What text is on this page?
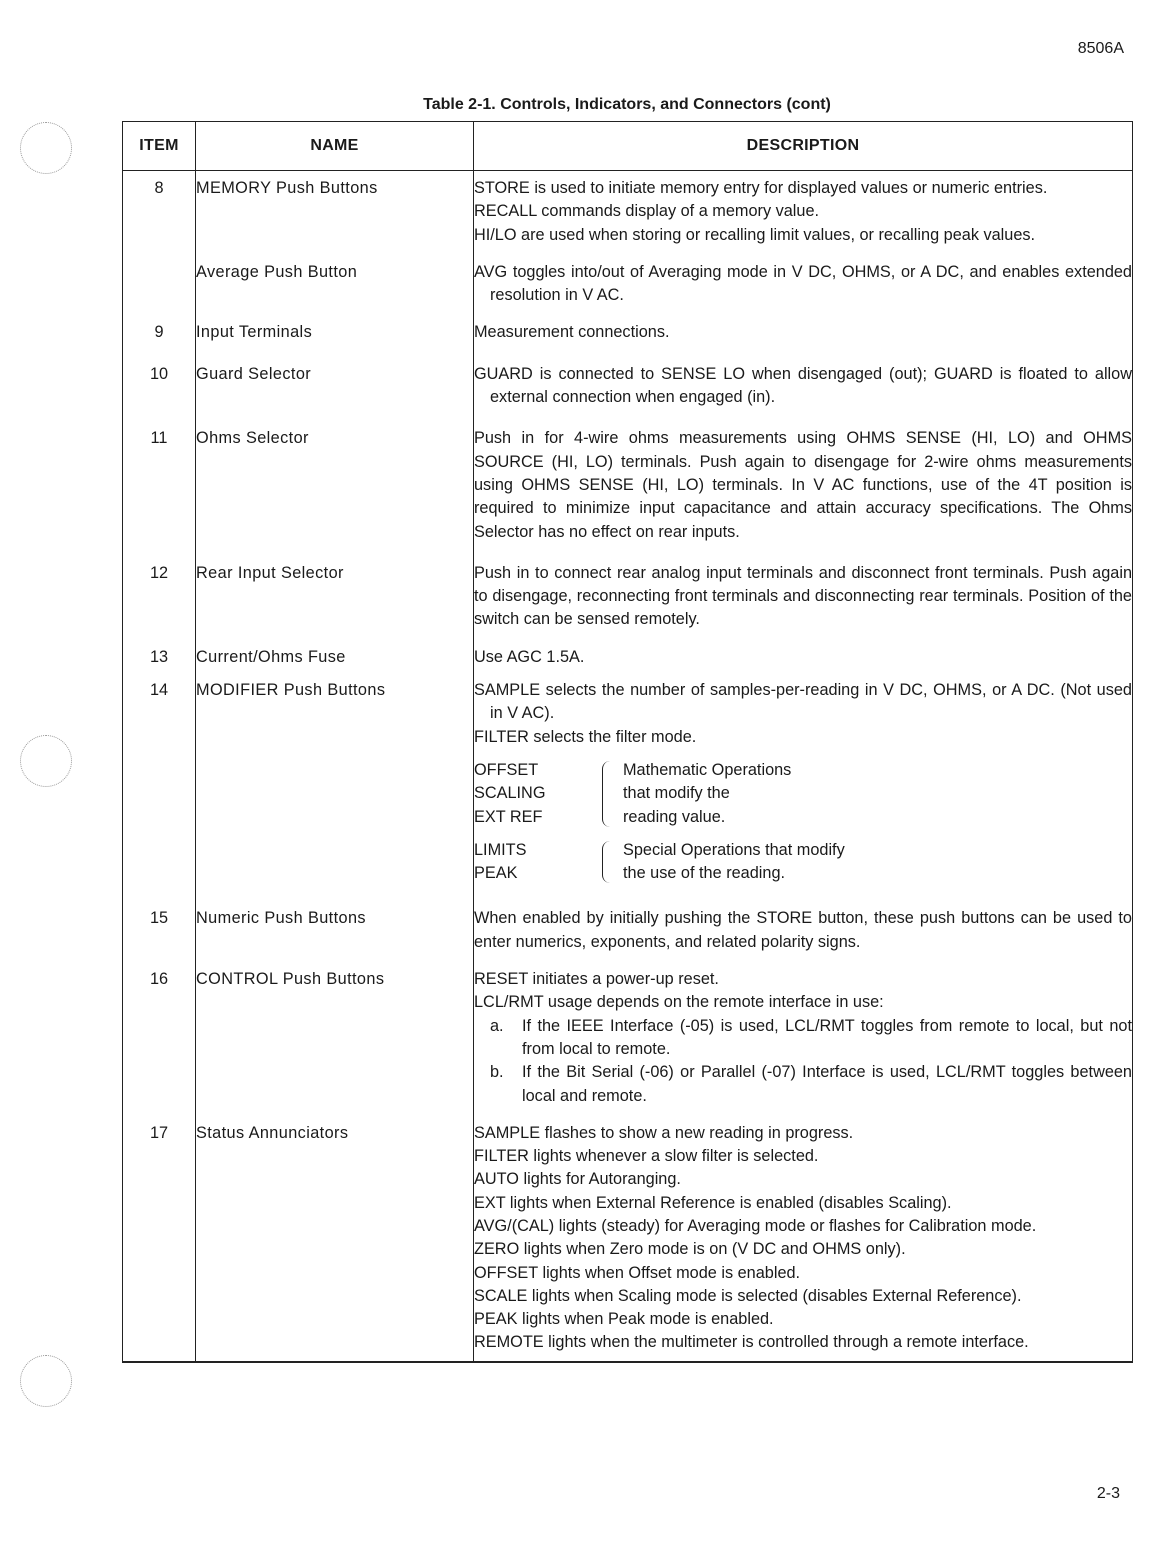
8506A
Table 2-1. Controls, Indicators, and Connectors (cont)
ITEM	NAME	DESCRIPTION

8	MEMORY Push Buttons	STORE is used to initiate memory entry for displayed values or numeric entries.
RECALL commands display of a memory value.
HI/LO are used when storing or recalling limit values, or recalling peak values.

	Average Push Button	AVG toggles into/out of Averaging mode in V DC, OHMS, or A DC, and enables extended resolution in V AC.

9	Input Terminals	Measurement connections.

10	Guard Selector	GUARD is connected to SENSE LO when disengaged (out); GUARD is floated to allow external connection when engaged (in).

11	Ohms Selector	Push in for 4-wire ohms measurements using OHMS SENSE (HI, LO) and OHMS SOURCE (HI, LO) terminals. Push again to disengage for 2-wire ohms measurements using OHMS SENSE (HI, LO) terminals. In V AC functions, use of the 4T position is required to minimize input capacitance and attain accuracy specifications. The Ohms Selector has no effect on rear inputs.

12	Rear Input Selector	Push in to connect rear analog input terminals and disconnect front terminals. Push again to disengage, reconnecting front terminals and disconnecting rear terminals. Position of the switch can be sensed remotely.

13	Current/Ohms Fuse	Use AGC 1.5A.

14	MODIFIER Push Buttons	SAMPLE selects the number of samples-per-reading in V DC, OHMS, or A DC. (Not used in V AC).
FILTER selects the filter mode.
OFFSET
SCALING
EXT REF
Mathematic Operations
that modify the
reading value.
LIMITS
PEAK
Special Operations that modify
the use of the reading.

15	Numeric Push Buttons	When enabled by initially pushing the STORE button, these push buttons can be used to enter numerics, exponents, and related polarity signs.

16	CONTROL Push Buttons	RESET initiates a power-up reset.
LCL/RMT usage depends on the remote interface in use:
a.	If the IEEE Interface (-05) is used, LCL/RMT toggles from remote to local, but not from local to remote.
b.	If the Bit Serial (-06) or Parallel (-07) Interface is used, LCL/RMT toggles between local and remote.

17	Status Annunciators	SAMPLE flashes to show a new reading in progress.
FILTER lights whenever a slow filter is selected.
AUTO lights for Autoranging.
EXT lights when External Reference is enabled (disables Scaling).
AVG/(CAL) lights (steady) for Averaging mode or flashes for Calibration mode.
ZERO lights when Zero mode is on (V DC and OHMS only).
OFFSET lights when Offset mode is enabled.
SCALE lights when Scaling mode is selected (disables External Reference).
PEAK lights when Peak mode is enabled.
REMOTE lights when the multimeter is controlled through a remote interface.
2-3
